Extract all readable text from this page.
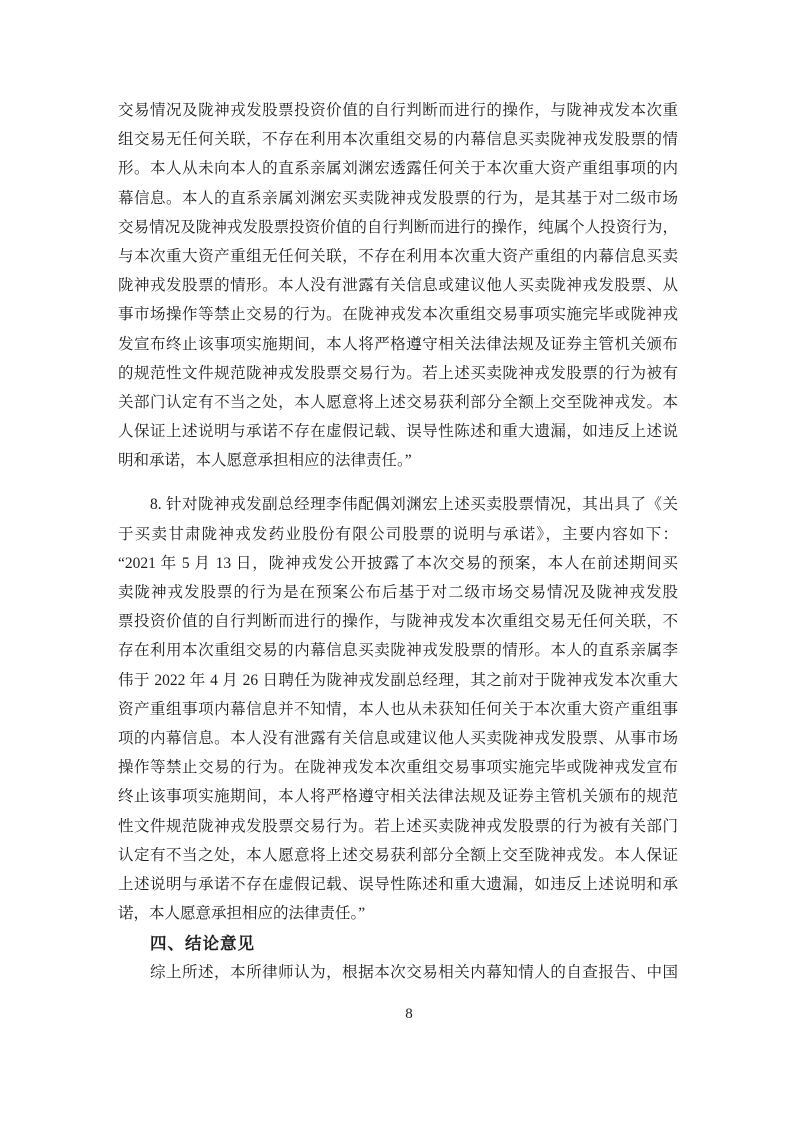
交易情况及陇神戎发股票投资价值的自行判断而进行的操作，与陇神戎发本次重
组交易无任何关联，不存在利用本次重组交易的内幕信息买卖陇神戎发股票的情
形。本人从未向本人的直系亲属刘渊宏透露任何关于本次重大资产重组事项的内
幕信息。本人的直系亲属刘渊宏买卖陇神戎发股票的行为，是其基于对二级市场
交易情况及陇神戎发股票投资价值的自行判断而进行的操作，纯属个人投资行为，
与本次重大资产重组无任何关联，不存在利用本次重大资产重组的内幕信息买卖
陇神戎发股票的情形。本人没有泄露有关信息或建议他人买卖陇神戎发股票、从
事市场操作等禁止交易的行为。在陇神戎发本次重组交易事项实施完毕或陇神戎
发宣布终止该事项实施期间，本人将严格遵守相关法律法规及证券主管机关颁布
的规范性文件规范陇神戎发股票交易行为。若上述买卖陇神戎发股票的行为被有
关部门认定有不当之处，本人愿意将上述交易获利部分全额上交至陇神戎发。本
人保证上述说明与承诺不存在虚假记载、误导性陈述和重大遗漏，如违反上述说
明和承诺，本人愿意承担相应的法律责任。”
8. 针对陇神戎发副总经理李伟配偶刘渊宏上述买卖股票情况，其出具了《关
于买卖甘肃陇神戎发药业股份有限公司股票的说明与承诺》，主要内容如下：
“2021 年 5 月 13 日，陇神戎发公开披露了本次交易的预案，本人在前述期间买
卖陇神戎发股票的行为是在预案公布后基于对二级市场交易情况及陇神戎发股
票投资价值的自行判断而进行的操作，与陇神戎发本次重组交易无任何关联，不
存在利用本次重组交易的内幕信息买卖陇神戎发股票的情形。本人的直系亲属李
伟于 2022 年 4 月 26 日聘任为陇神戎发副总经理，其之前对于陇神戎发本次重大
资产重组事项内幕信息并不知情，本人也从未获知任何关于本次重大资产重组事
项的内幕信息。本人没有泄露有关信息或建议他人买卖陇神戎发股票、从事市场
操作等禁止交易的行为。在陇神戎发本次重组交易事项实施完毕或陇神戎发宣布
终止该事项实施期间，本人将严格遵守相关法律法规及证券主管机关颁布的规范
性文件规范陇神戎发股票交易行为。若上述买卖陇神戎发股票的行为被有关部门
认定有不当之处，本人愿意将上述交易获利部分全额上交至陇神戎发。本人保证
上述说明与承诺不存在虚假记载、误导性陈述和重大遗漏，如违反上述说明和承
诺，本人愿意承担相应的法律责任。”
四、结论意见
综上所述，本所律师认为，根据本次交易相关内幕知情人的自查报告、中国
8
